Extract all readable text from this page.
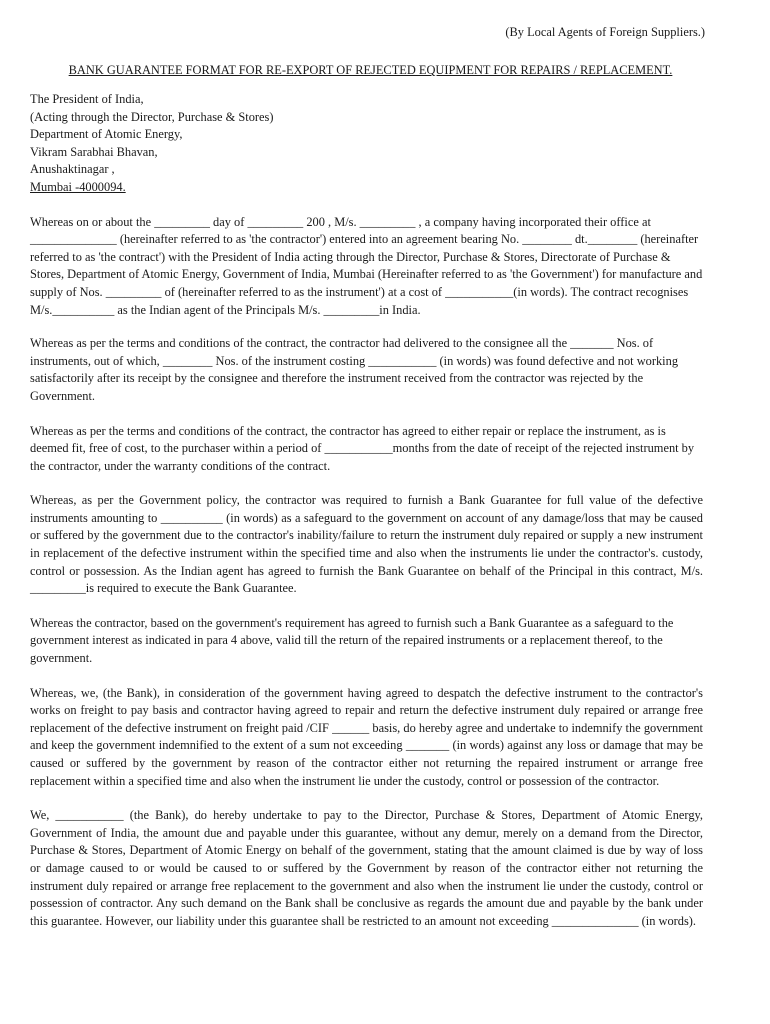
(By Local Agents of Foreign Suppliers.)
BANK GUARANTEE FORMAT FOR RE-EXPORT OF REJECTED EQUIPMENT FOR REPAIRS / REPLACEMENT.
The President of India,
(Acting through the Director, Purchase & Stores)
Department of Atomic Energy,
Vikram Sarabhai Bhavan,
Anushaktinagar ,
Mumbai -4000094.

Whereas on or about the _________ day of _________ 200 , M/s. _________ , a company having incorporated their office at ______________ (hereinafter referred to as 'the contractor') entered into an agreement bearing No. ________ dt.________ (hereinafter referred to as 'the contract') with the President of India acting through the Director, Purchase & Stores, Directorate of Purchase & Stores, Department of Atomic Energy, Government of India, Mumbai (Hereinafter referred to as 'the Government') for manufacture and supply of Nos. _________ of (hereinafter referred to as the instrument') at a cost of ___________(in words). The contract recognises M/s.__________ as the Indian agent of the Principals M/s. _________in India.

Whereas as per the terms and conditions of the contract, the contractor had delivered to the consignee all the _______ Nos. of instruments, out of which, ________ Nos. of the instrument costing ___________ (in words) was found defective and not working satisfactorily after its receipt by the consignee and therefore the instrument received from the contractor was rejected by the Government.

Whereas as per the terms and conditions of the contract, the contractor has agreed to either repair or replace the instrument, as is deemed fit, free of cost, to the purchaser within a period of ___________months from the date of receipt of the rejected instrument by the contractor, under the warranty conditions of the contract.

Whereas, as per the Government policy, the contractor was required to furnish a Bank Guarantee for full value of the defective instruments amounting to __________ (in words) as a safeguard to the government on account of any damage/loss that may be caused or suffered by the government due to the contractor's inability/failure to return the instrument duly repaired or supply a new instrument in replacement of the defective instrument within the specified time and also when the instruments lie under the contractor's. custody, control or possession. As the Indian agent has agreed to furnish the Bank Guarantee on behalf of the Principal in this contract, M/s. _________is required to execute the Bank Guarantee.

Whereas the contractor, based on the government's requirement has agreed to furnish such a Bank Guarantee as a safeguard to the government interest as indicated in para 4 above, valid till the return of the repaired instruments or a replacement thereof, to the government.

Whereas, we, (the Bank), in consideration of the government having agreed to despatch the defective instrument to the contractor's works on freight to pay basis and contractor having agreed to repair and return the defective instrument duly repaired or arrange free replacement of the defective instrument on freight paid /CIF ______ basis, do hereby agree and undertake to indemnify the government and keep the government indemnified to the extent of a sum not exceeding _______ (in words) against any loss or damage that may be caused or suffered by the government by reason of the contractor either not returning the repaired instrument or arrange free replacement within a specified time and also when the instrument lie under the custody, control or possession of the contractor.

We, ___________ (the Bank), do hereby undertake to pay to the Director, Purchase & Stores, Department of Atomic Energy, Government of India, the amount due and payable under this guarantee, without any demur, merely on a demand from the Director, Purchase & Stores, Department of Atomic Energy on behalf of the government, stating that the amount claimed is due by way of loss or damage caused to or would be caused to or suffered by the Government by reason of the contractor either not returning the instrument duly repaired or arrange free replacement to the government and also when the instrument lie under the custody, control or possession of contractor. Any such demand on the Bank shall be conclusive as regards the amount due and payable by the bank under this guarantee. However, our liability under this guarantee shall be restricted to an amount not exceeding ______________ (in words).
